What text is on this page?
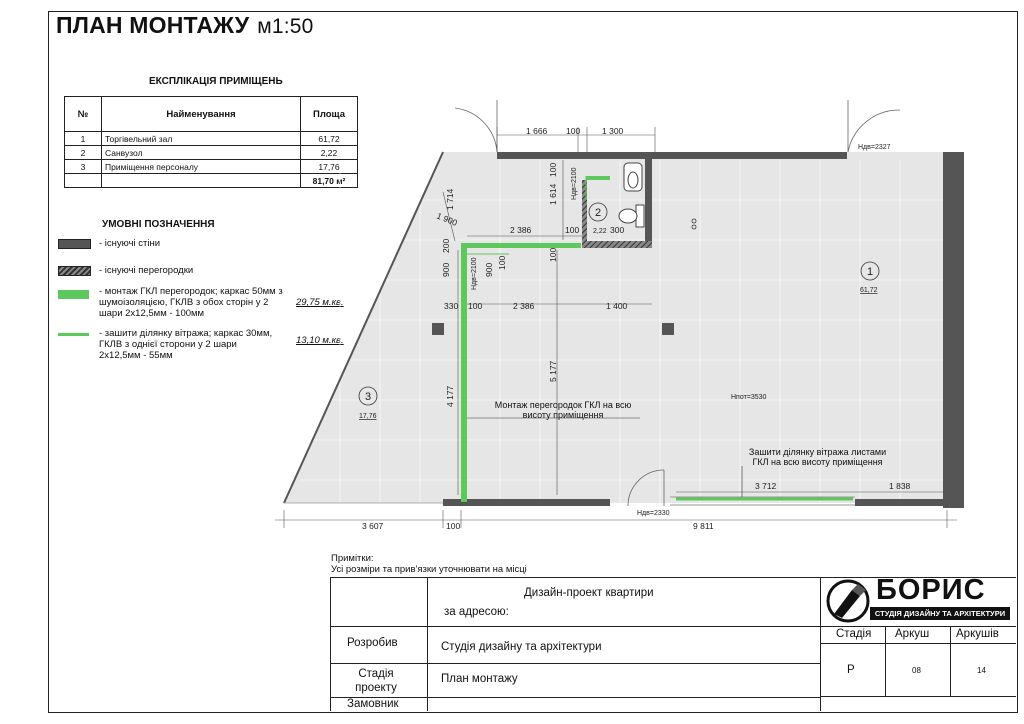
ПЛАН МОНТАЖУ м1:50
ЕКСПЛІКАЦІЯ ПРИМІЩЕНЬ
№	Найменування	Площа
1	Торгівельний зал	61,72
2	Санвузол	2,22
3	Приміщення персоналу	17,76
		81,70 м²
УМОВНІ ПОЗНАЧЕННЯ
- існуючі стіни
- існуючі перегородки
- монтаж ГКЛ перегородок; каркас 50мм з шумоізоляцією, ГКЛВ з обох сторін у 2 шари 2х12,5мм - 100мм
29,75 м.кв.
- зашити ділянку вітража; каркас 30мм, ГКЛВ з однієї сторони у 2 шари 2х12,5мм - 55мм
13,10 м.кв.
1 666 100	1 300
3 607	100	9 811
2 386	100	300
330 100	2 386	1 400
3 712	1 838
1 714	1 614
100
100
1 900
200
900	900 100
4 177
5 177
Hдв=2327
Hдв=2330
Hдв=2100
Hдв=2100
Hпот=3530
1
61,72
2
2,22
3
17,76
Монтаж перегородок ГКЛ на всю висоту приміщення
Зашити ділянку вітража листами ГКЛ на всю висоту приміщення
Примітки:
Усі розміри та прив'язки уточнювати на місці
Дизайн-проект квартири
за адресою:
Розробив	Студія дизайну та архітектури
Стадія проекту
План монтажу
Замовник
Стадія Аркуш Аркушів
Р	08	14
БОРИС
СТУДІЯ ДИЗАЙНУ ТА АРХІТЕКТУРИ
